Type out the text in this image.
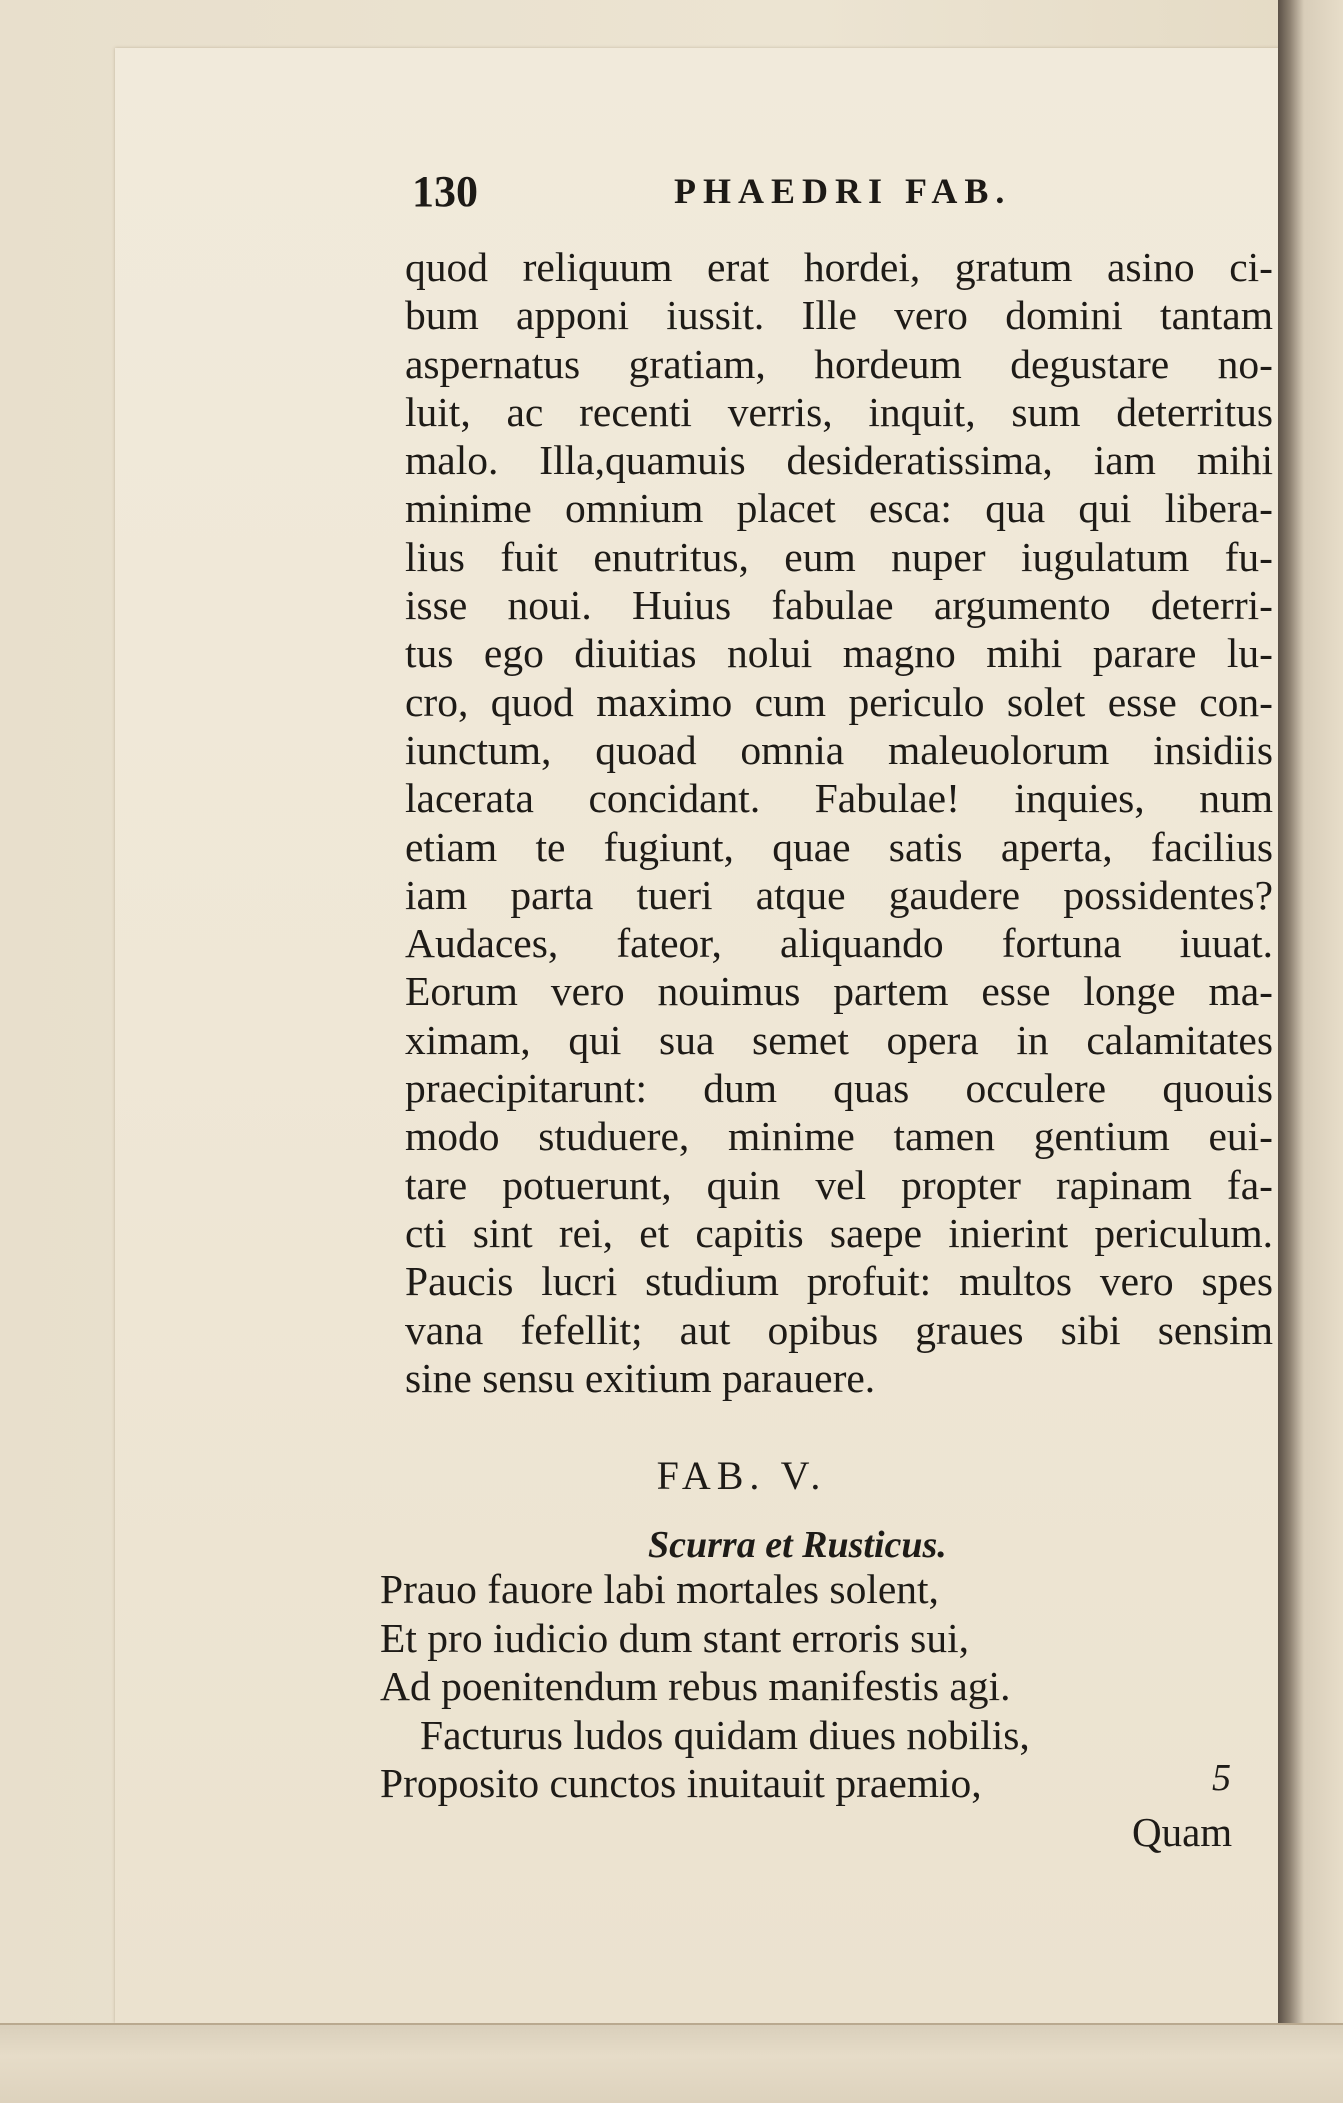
130	PHAEDRI FAB.
quod reliquum erat hordei, gratum asino ci-
bum apponi iussit. Ille vero domini tantam
aspernatus gratiam, hordeum degustare no-
luit, ac recenti verris, inquit, sum deterritus
malo. Illa,quamuis desideratissima, iam mihi
minime omnium placet esca: qua qui libera-
lius fuit enutritus, eum nuper iugulatum fu-
isse noui. Huius fabulae argumento deterri-
tus ego diuitias nolui magno mihi parare lu-
cro, quod maximo cum periculo solet esse con-
iunctum, quoad omnia maleuolorum insidiis
lacerata concidant. Fabulae! inquies, num
etiam te fugiunt, quae satis aperta, facilius
iam parta tueri atque gaudere possidentes?
Audaces, fateor, aliquando fortuna iuuat.
Eorum vero nouimus partem esse longe ma-
ximam, qui sua semet opera in calamitates
praecipitarunt: dum quas occulere quouis
modo studuere, minime tamen gentium eui-
tare potuerunt, quin vel propter rapinam fa-
cti sint rei, et capitis saepe inierint periculum.
Paucis lucri studium profuit: multos vero spes
vana fefellit; aut opibus graues sibi sensim
sine sensu exitium parauere.
FAB. V.
Scurra et Rusticus.
Prauo fauore labi mortales solent,
Et pro iudicio dum stant erroris sui,
Ad poenitendum rebus manifestis agi.
Facturus ludos quidam diues nobilis,
Proposito cunctos inuitauit praemio,	5
Quam
